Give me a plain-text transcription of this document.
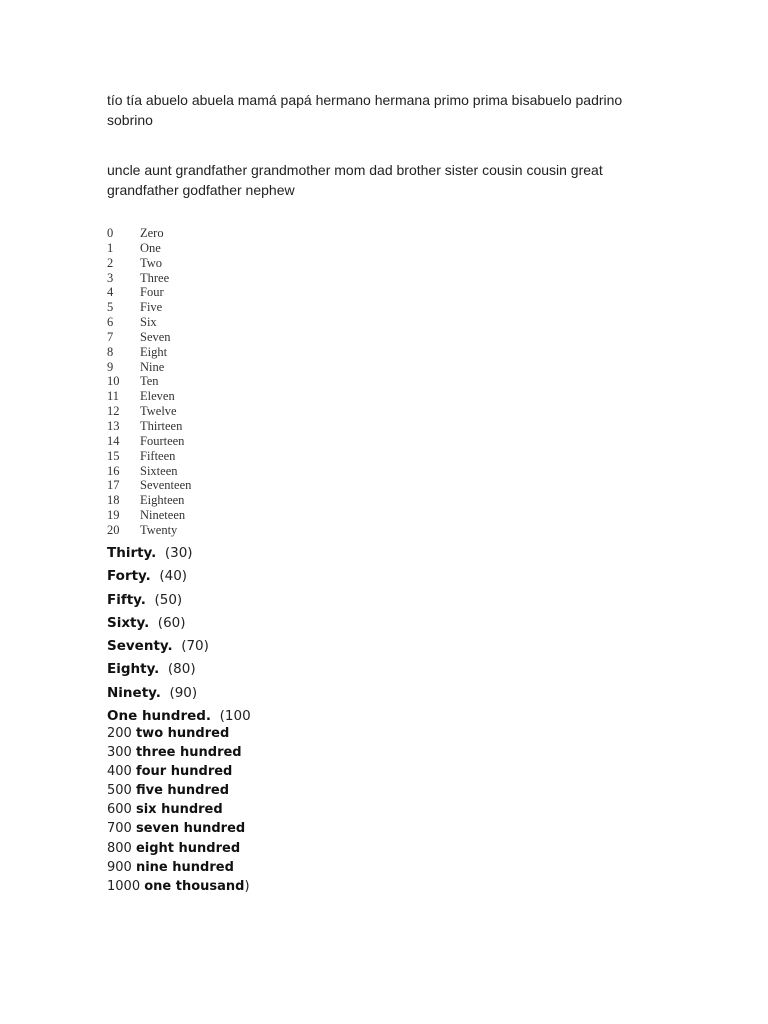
tío tía abuelo abuela mamá papá hermano hermana primo prima bisabuelo padrino sobrino

uncle aunt grandfather grandmother mom dad brother sister cousin cousin great grandfather godfather nephew

0	Zero
1	One
2	Two
3	Three
4	Four
5	Five
6	Six
7	Seven
8	Eight
9	Nine
10	Ten
11	Eleven
12	Twelve
13	Thirteen
14	Fourteen
15	Fifteen
16	Sixteen
17	Seventeen
18	Eighteen
19	Nineteen
20	Twenty
Thirty. (30)
Forty. (40)
Fifty. (50)
Sixty. (60)
Seventy. (70)
Eighty. (80)
Ninety. (90)
One hundred. (100
200 two hundred
300 three hundred
400 four hundred
500 five hundred
600 six hundred
700 seven hundred
800 eight hundred
900 nine hundred
1000 one thousand)
